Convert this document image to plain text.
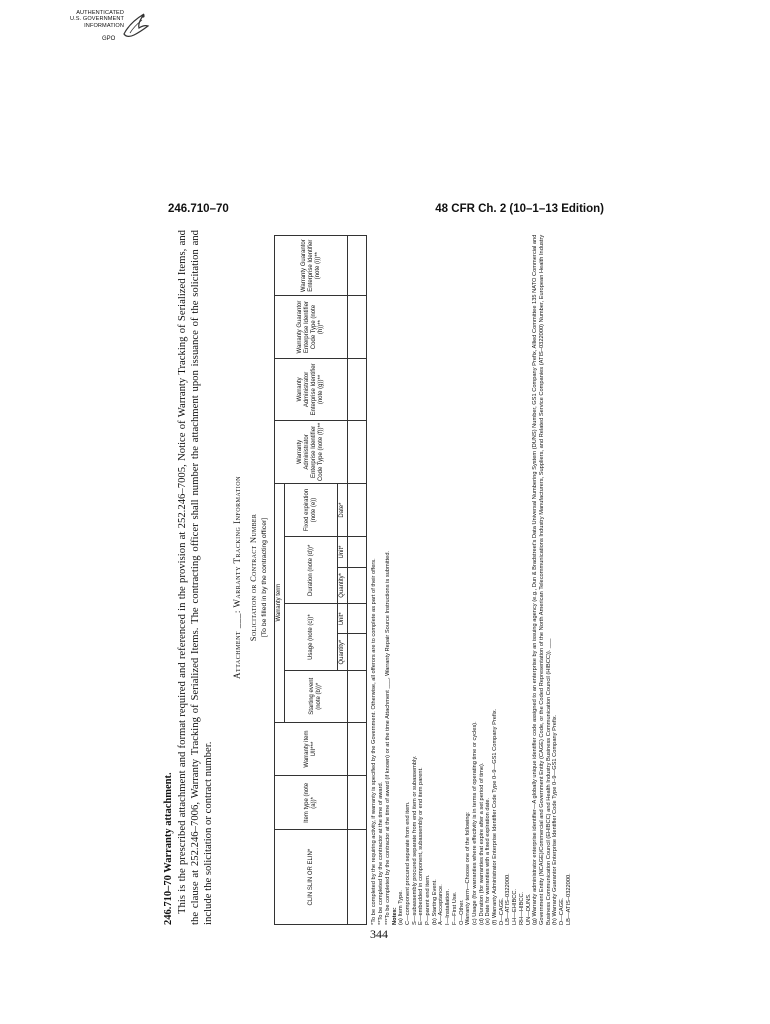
AUTHENTICATED
U.S. GOVERNMENT
INFORMATION
GPO
246.710–70	48 CFR Ch. 2 (10–1–13 Edition)

246.710–70 Warranty attachment. This is the prescribed attachment and format required and referenced in the provision at 252.246–7005, Notice of Warranty Tracking of Serialized Items, and the clause at 252.246–7006, Warranty Tracking of Serialized Items. The contracting officer shall number the attachment upon issuance of the solicitation and include the solicitation or contract number.

Attachment ___: Warranty Tracking Information Solicitation or Contract Number [To be filled in by the contracting officer]
CLIN SLIN OR ELIN*	Item type (note (a))*	Warranty item UII***	Warranty term						Warranty Administrator Enterprise Identifier Code Type (note (f))**	Warranty Administrator Enterprise Identifier (note (g))**	Warranty Guarantor Enterprise Identifier Code Type (note (h))**	Warranty Guarantor Enterprise Identifier (note (i))**
			Starting event (note (b))*	Usage (note (c))*		Duration (note (d))*		Fixed expiration (note (e))				
				Quantity*	Unit*	Quantity*	Unit*	Date*				

*To be completed by the requiring activity, if warranty is specified by the Government. Otherwise, all offerors are to complete as part of their offers. **To be completed by the contractor at the time of award. ***To be completed by the contractor at the time of award (if known) or at the time Attachment ___, Warranty Repair Source Instructions is submitted. Notes: (a) Item Type. C—component procured separate from end item. S—subassembly procured separate from end item or subassembly. E—embedded in component, subassembly or end item parent. P—parent end item. (b) Starting Event. A—Acceptance. I—Installation. F—First Use. O—Other. Warranty term—Choose one of the following: (c) Usage (for warranties where effectivity is in terms of operating time or cycles). (d) Duration (for warranties that expire after a set period of time). (e) Date for warranties with a fixed expiration date. (f) Warranty Administrator Enterprise Identifier Code Type 0–9—GS1 Company Prefix. D—CAGE. LB—ATIS–0322000. LH—EHIBCC. RH—HIBCC. UN—DUNS. (g) Warranty administrator enterprise identifier—A globally unique identifier code assigned to an enterprise by an issuing agency (e.g., Dun & Bradstreet's Data Universal Numbering System (DUNS) Number, GS1 Company Prefix, Allied Committee 135 NATO Commercial and Government Entity (NCAGE)/Commercial and Government Entity (CAGE) Code, or the Coded Representation of the North American Telecommunications Industry Manufacturers, Suppliers, and Related Service Companies (ATIS–0322000) Number, European Health Industry Business Communication Council (EHIBCC) and Health Industry Business Communication Council (HIBCC)). ___ (h) Warranty Guarantor Enterprise Identifier Code Type 0–9—GS1 Company Prefix. D—CAGE. LB—ATIS–0322000.
344
